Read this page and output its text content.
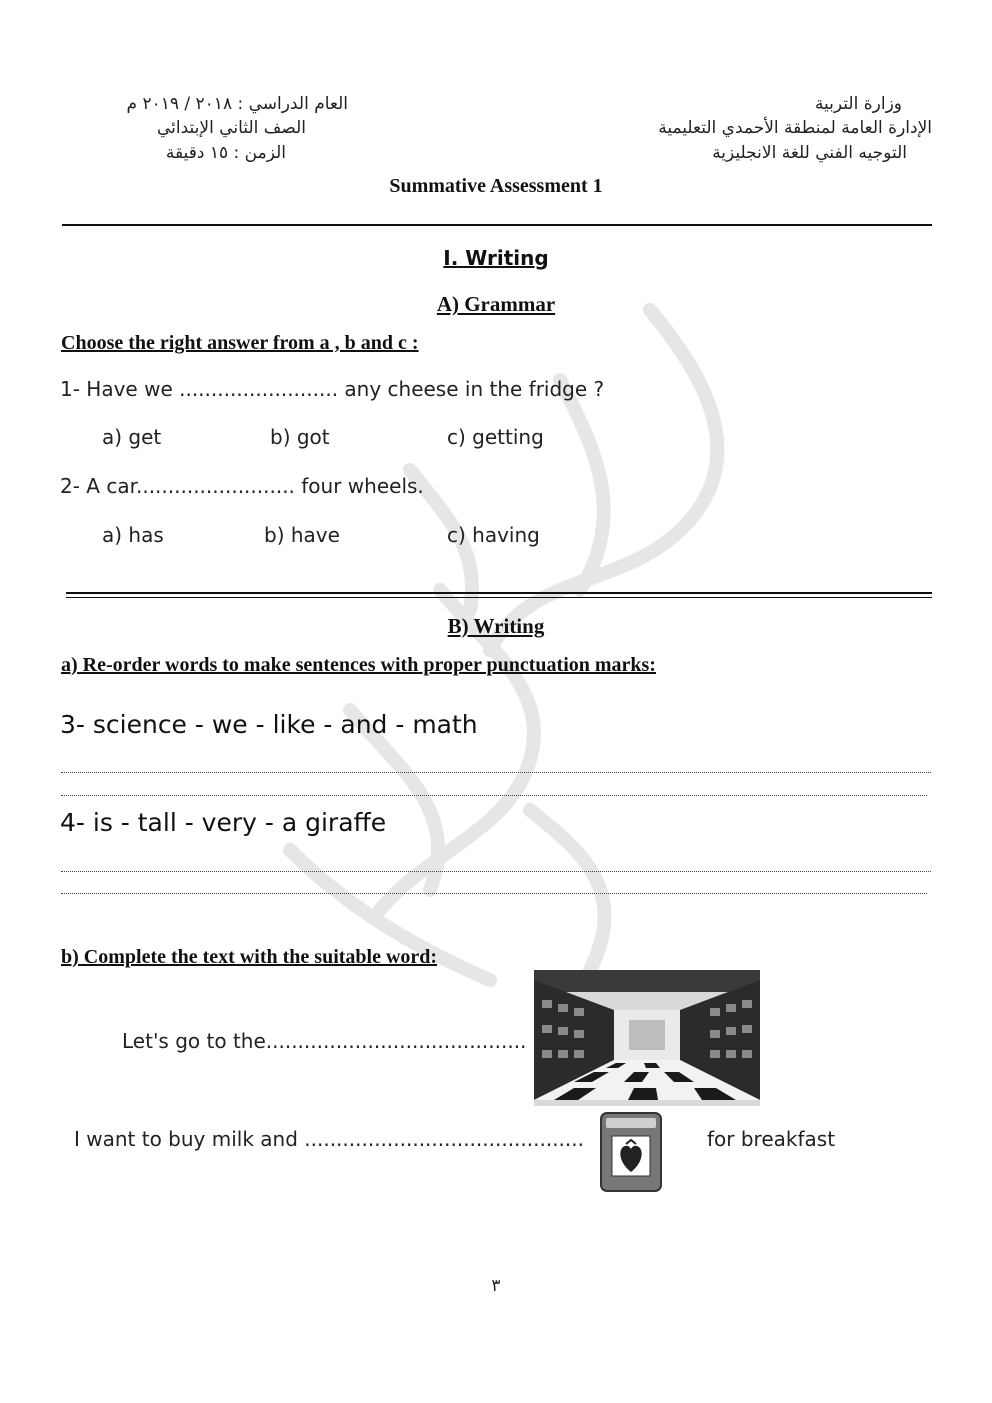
وزارة التربية
الإدارة العامة لمنطقة الأحمدي التعليمية
التوجيه الفني للغة الانجليزية
العام الدراسي : ٢٠١٨ / ٢٠١٩ م
الصف الثاني الإبتدائي
الزمن : ١٥ دقيقة
Summative Assessment 1
I. Writing
A) Grammar
Choose the right answer from a , b and c :
1- Have we ......................... any cheese in the fridge ?
a) get	b) got	c) getting
2- A car......................... four wheels.
a) has	b) have	c) having
B) Writing
a) Re-order words to make sentences with proper punctuation marks:
3- science - we - like - and - math
4- is - tall - very - a giraffe
b) Complete the text with the suitable word:
Let's go to the.........................................
I want to buy milk and ............................................	for breakfast
٣
